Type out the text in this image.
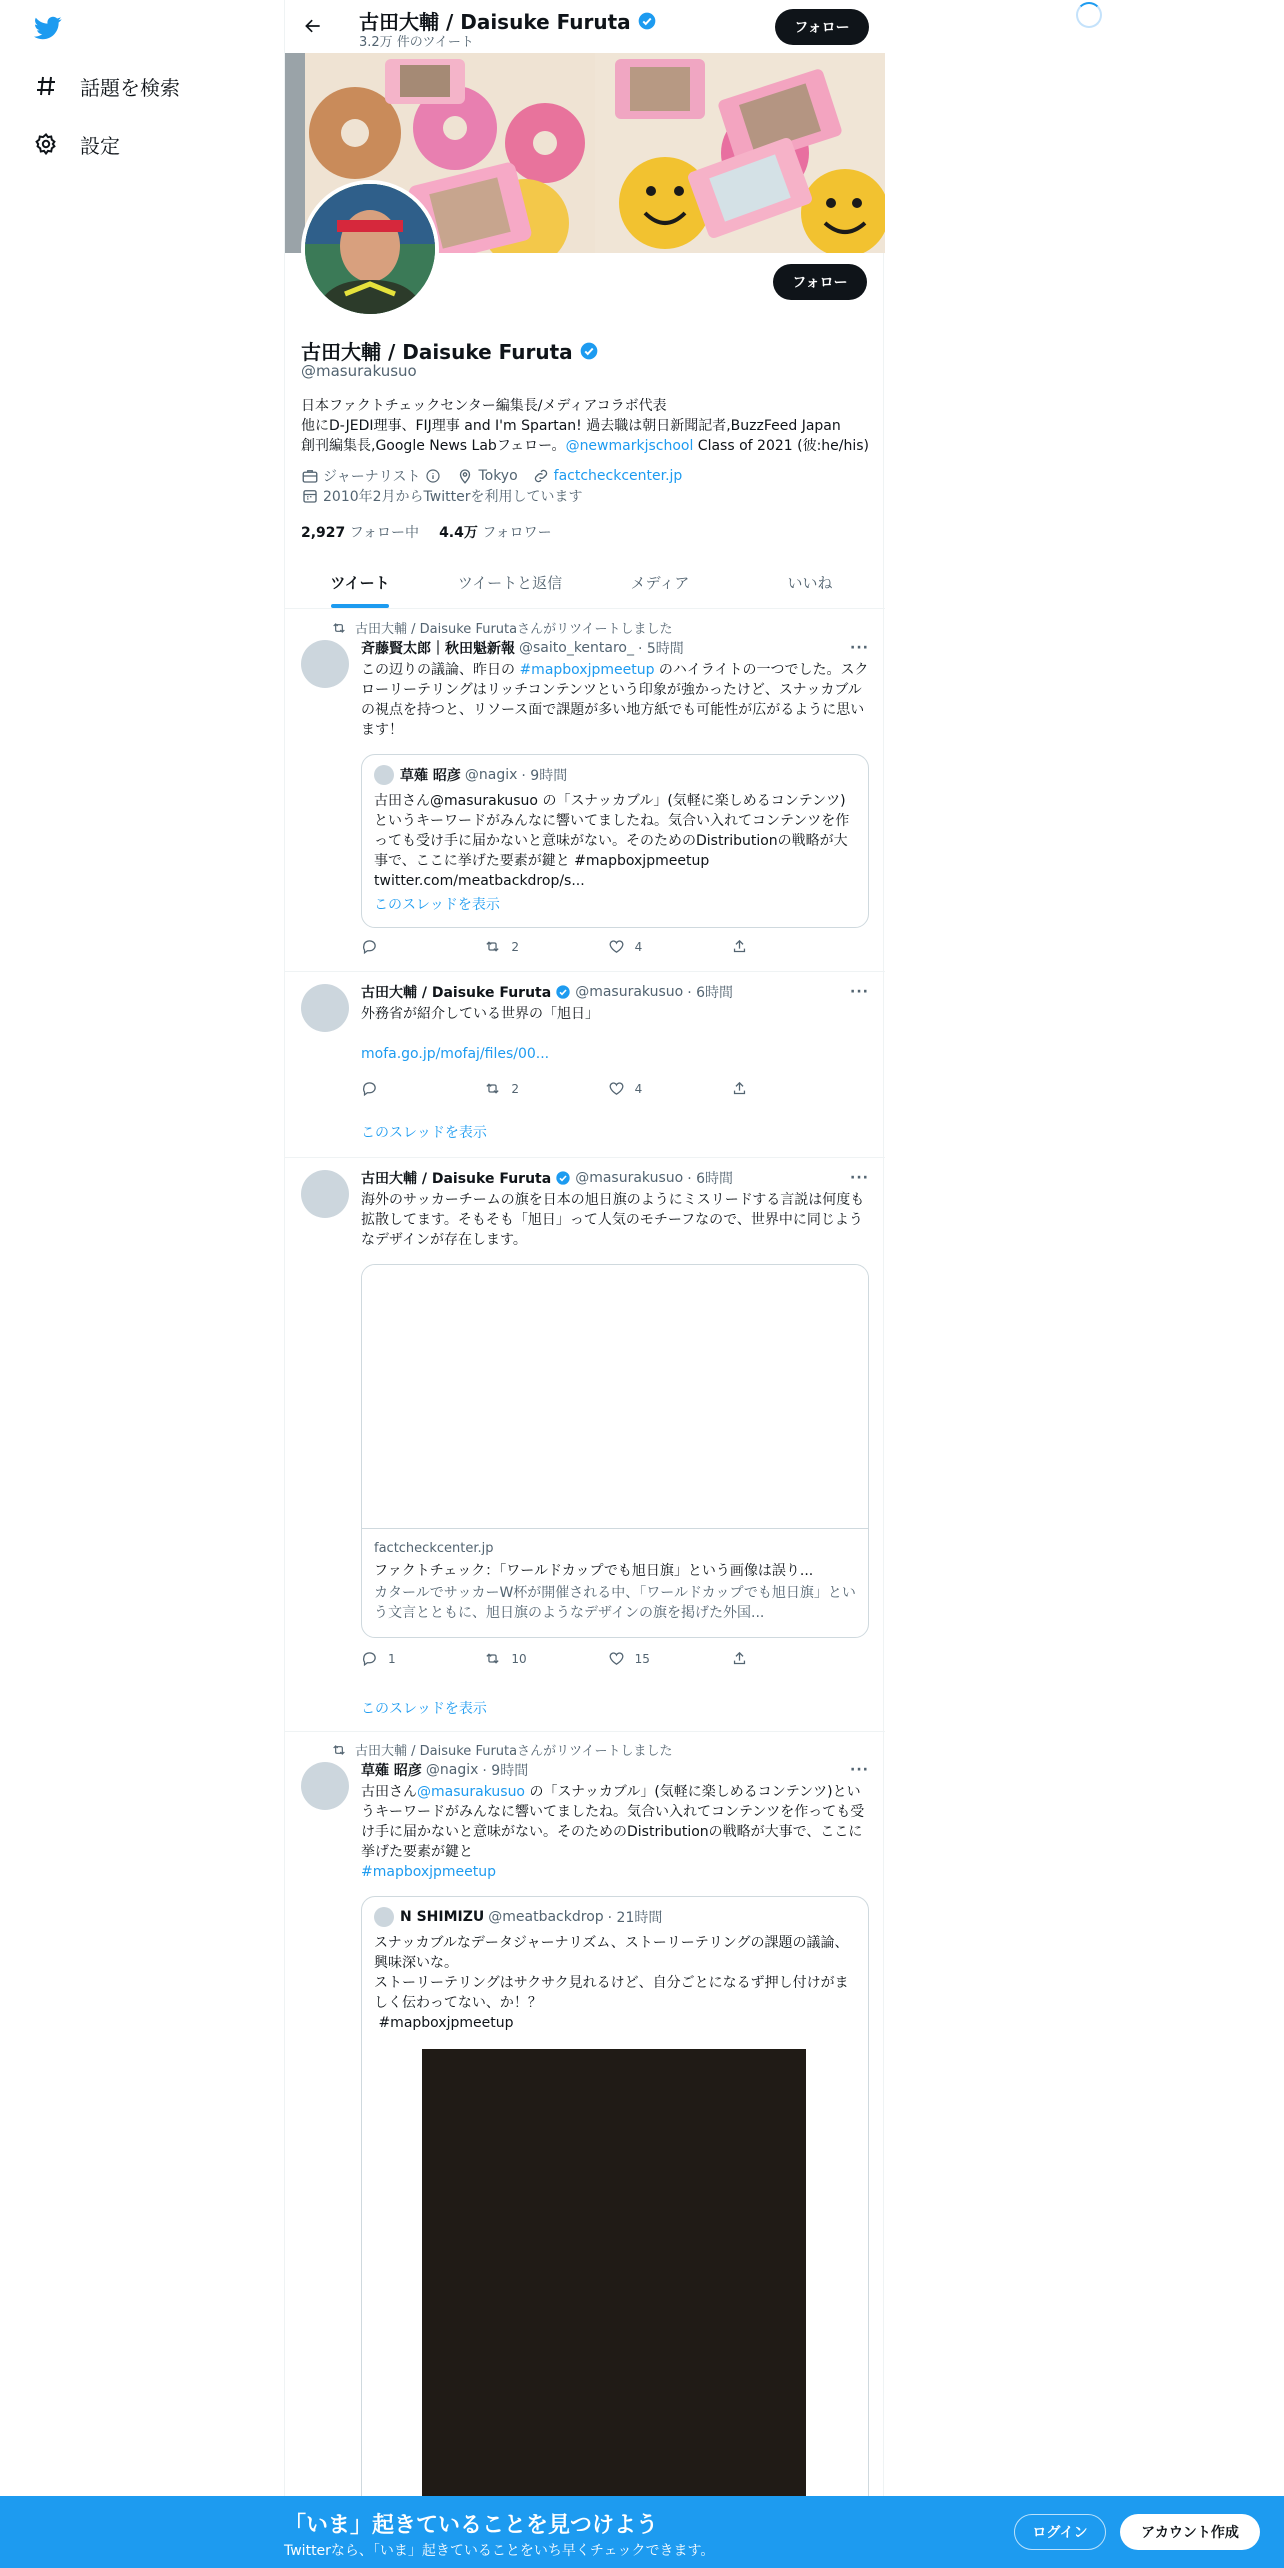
話題を検索
設定
古田大輔 / Daisuke Furuta
3.2万 件のツイート
フォロー
フォロー
古田大輔 / Daisuke Furuta
@masurakusuo
日本ファクトチェックセンター編集長/メディアコラボ代表
他にD-JEDI理事、FIJ理事 and I'm Spartan! 過去職は朝日新聞記者,BuzzFeed Japan
創刊編集長,Google News Labフェロー。@newmarkjschool Class of 2021 (彼:he/his)
ジャーナリスト	Tokyo	factcheckcenter.jp
2010年2月からTwitterを利用しています
2,927 フォロー中 4.4万 フォロワー
ツイート	ツイートと返信	メディア	いいね
古田大輔 / Daisuke Furutaさんがリツイートしました
斉藤賢太郎｜秋田魁新報 @saito_kentaro_ · 5時間	···
この辺りの議論、昨日の #mapboxjpmeetup のハイライトの一つでした。スクローリーテリングはリッチコンテンツという印象が強かったけど、スナッカブルの視点を持つと、リソース面で課題が多い地方紙でも可能性が広がるように思います！
草薙 昭彦 @nagix · 9時間
古田さん@masurakusuo の「スナッカブル」(気軽に楽しめるコンテンツ)というキーワードがみんなに響いてましたね。気合い入れてコンテンツを作っても受け手に届かないと意味がない。そのためのDistributionの戦略が大事で、ここに挙げた要素が鍵と #mapboxjpmeetup twitter.com/meatbackdrop/s...
このスレッドを表示
2	4
古田大輔 / Daisuke Furuta @masurakusuo · 6時間	···
外務省が紹介している世界の「旭日」
mofa.go.jp/mofaj/files/00...
2	4
このスレッドを表示
古田大輔 / Daisuke Furuta @masurakusuo · 6時間	···
海外のサッカーチームの旗を日本の旭日旗のようにミスリードする言説は何度も拡散してます。そもそも「旭日」って人気のモチーフなので、世界中に同じようなデザインが存在します。
factcheckcenter.jp
ファクトチェック：「ワールドカップでも旭日旗」という画像は誤り...
カタールでサッカーW杯が開催される中、「ワールドカップでも旭日旗」という文言とともに、旭日旗のようなデザインの旗を掲げた外国...
1	10	15
このスレッドを表示
古田大輔 / Daisuke Furutaさんがリツイートしました
草薙 昭彦 @nagix · 9時間	···
古田さん@masurakusuo の「スナッカブル」(気軽に楽しめるコンテンツ)というキーワードがみんなに響いてましたね。気合い入れてコンテンツを作っても受け手に届かないと意味がない。そのためのDistributionの戦略が大事で、ここに挙げた要素が鍵と
#mapboxjpmeetup
N SHIMIZU @meatbackdrop · 21時間
スナッカブルなデータジャーナリズム、ストーリーテリングの課題の議論、興味深いな。
ストーリーテリングはサクサク見れるけど、自分ごとになるず押し付けがましく伝わってない、か！？
#mapboxjpmeetup
「いま」起きていることを見つけよう
Twitterなら、「いま」起きていることをいち早くチェックできます。
ログイン	アカウント作成
